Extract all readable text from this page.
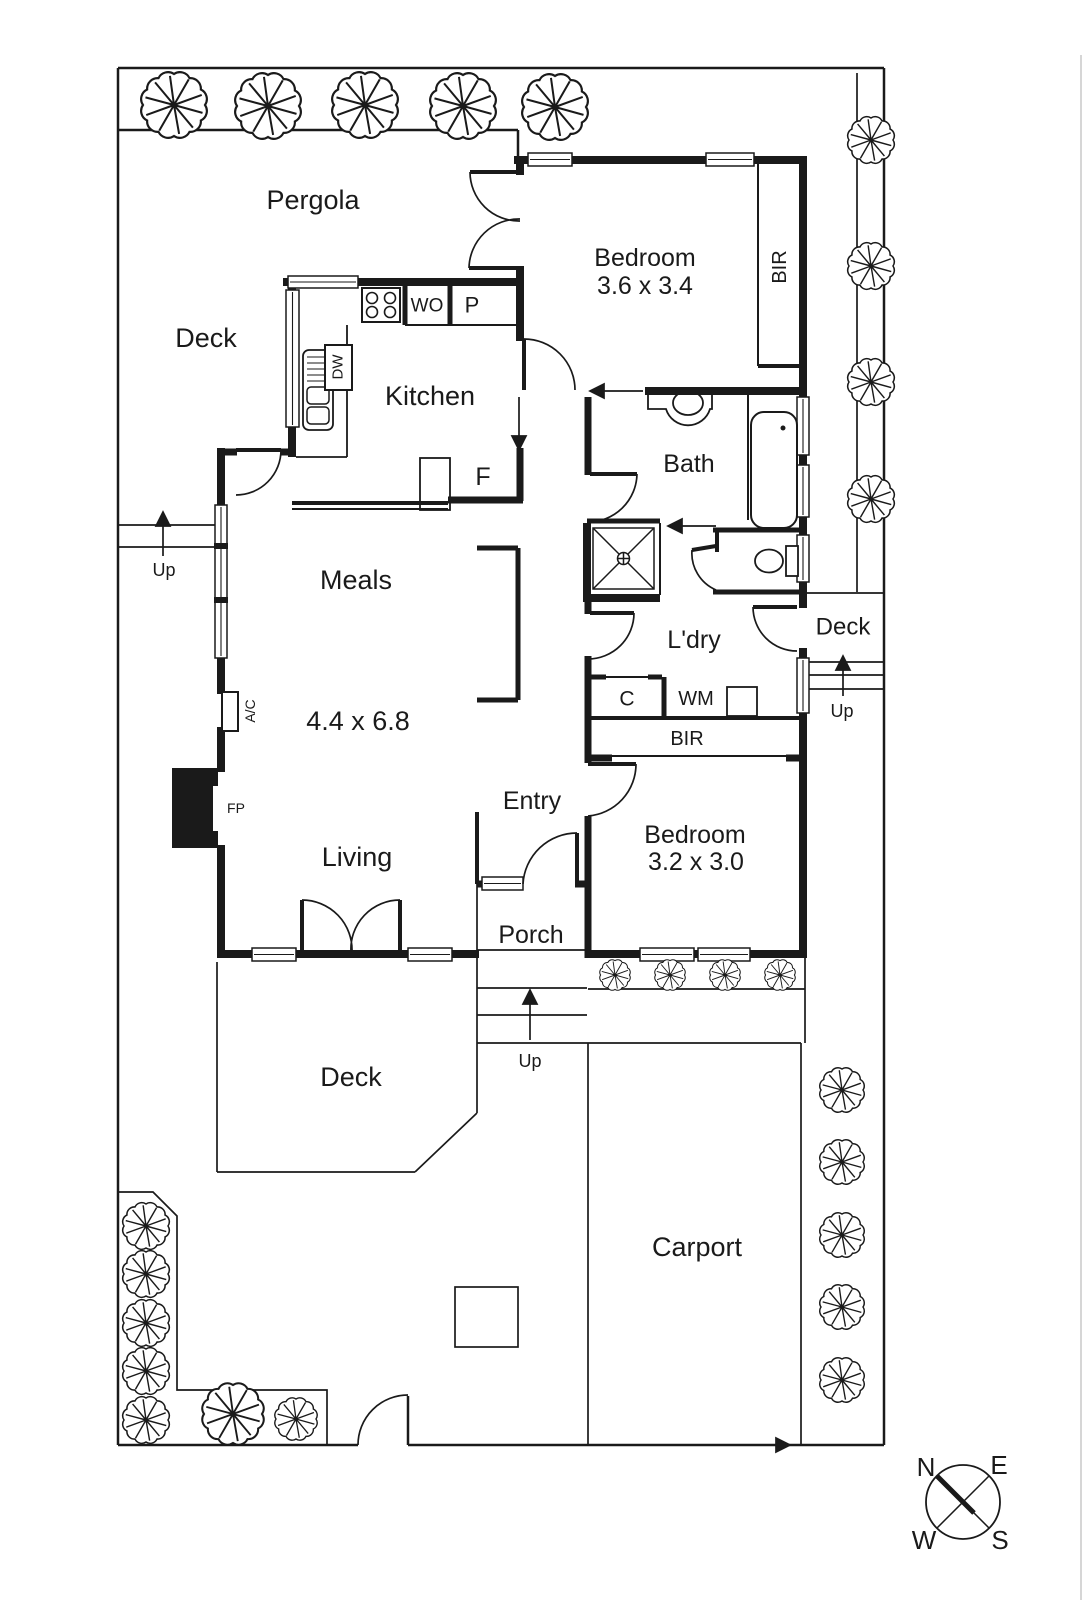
N E
W S
Pergola
Deck
Kitchen
Meals
4.4 x 6.8
Living
Carport
Deck
Entry
Porch
Bath
L'dry
Bedroom
3.6 x 3.4
Bedroom
3.2 x 3.0
Deck
BIR
BIR
C WM
WO P
F
DW
A/C
FP
Up
Up
Up
